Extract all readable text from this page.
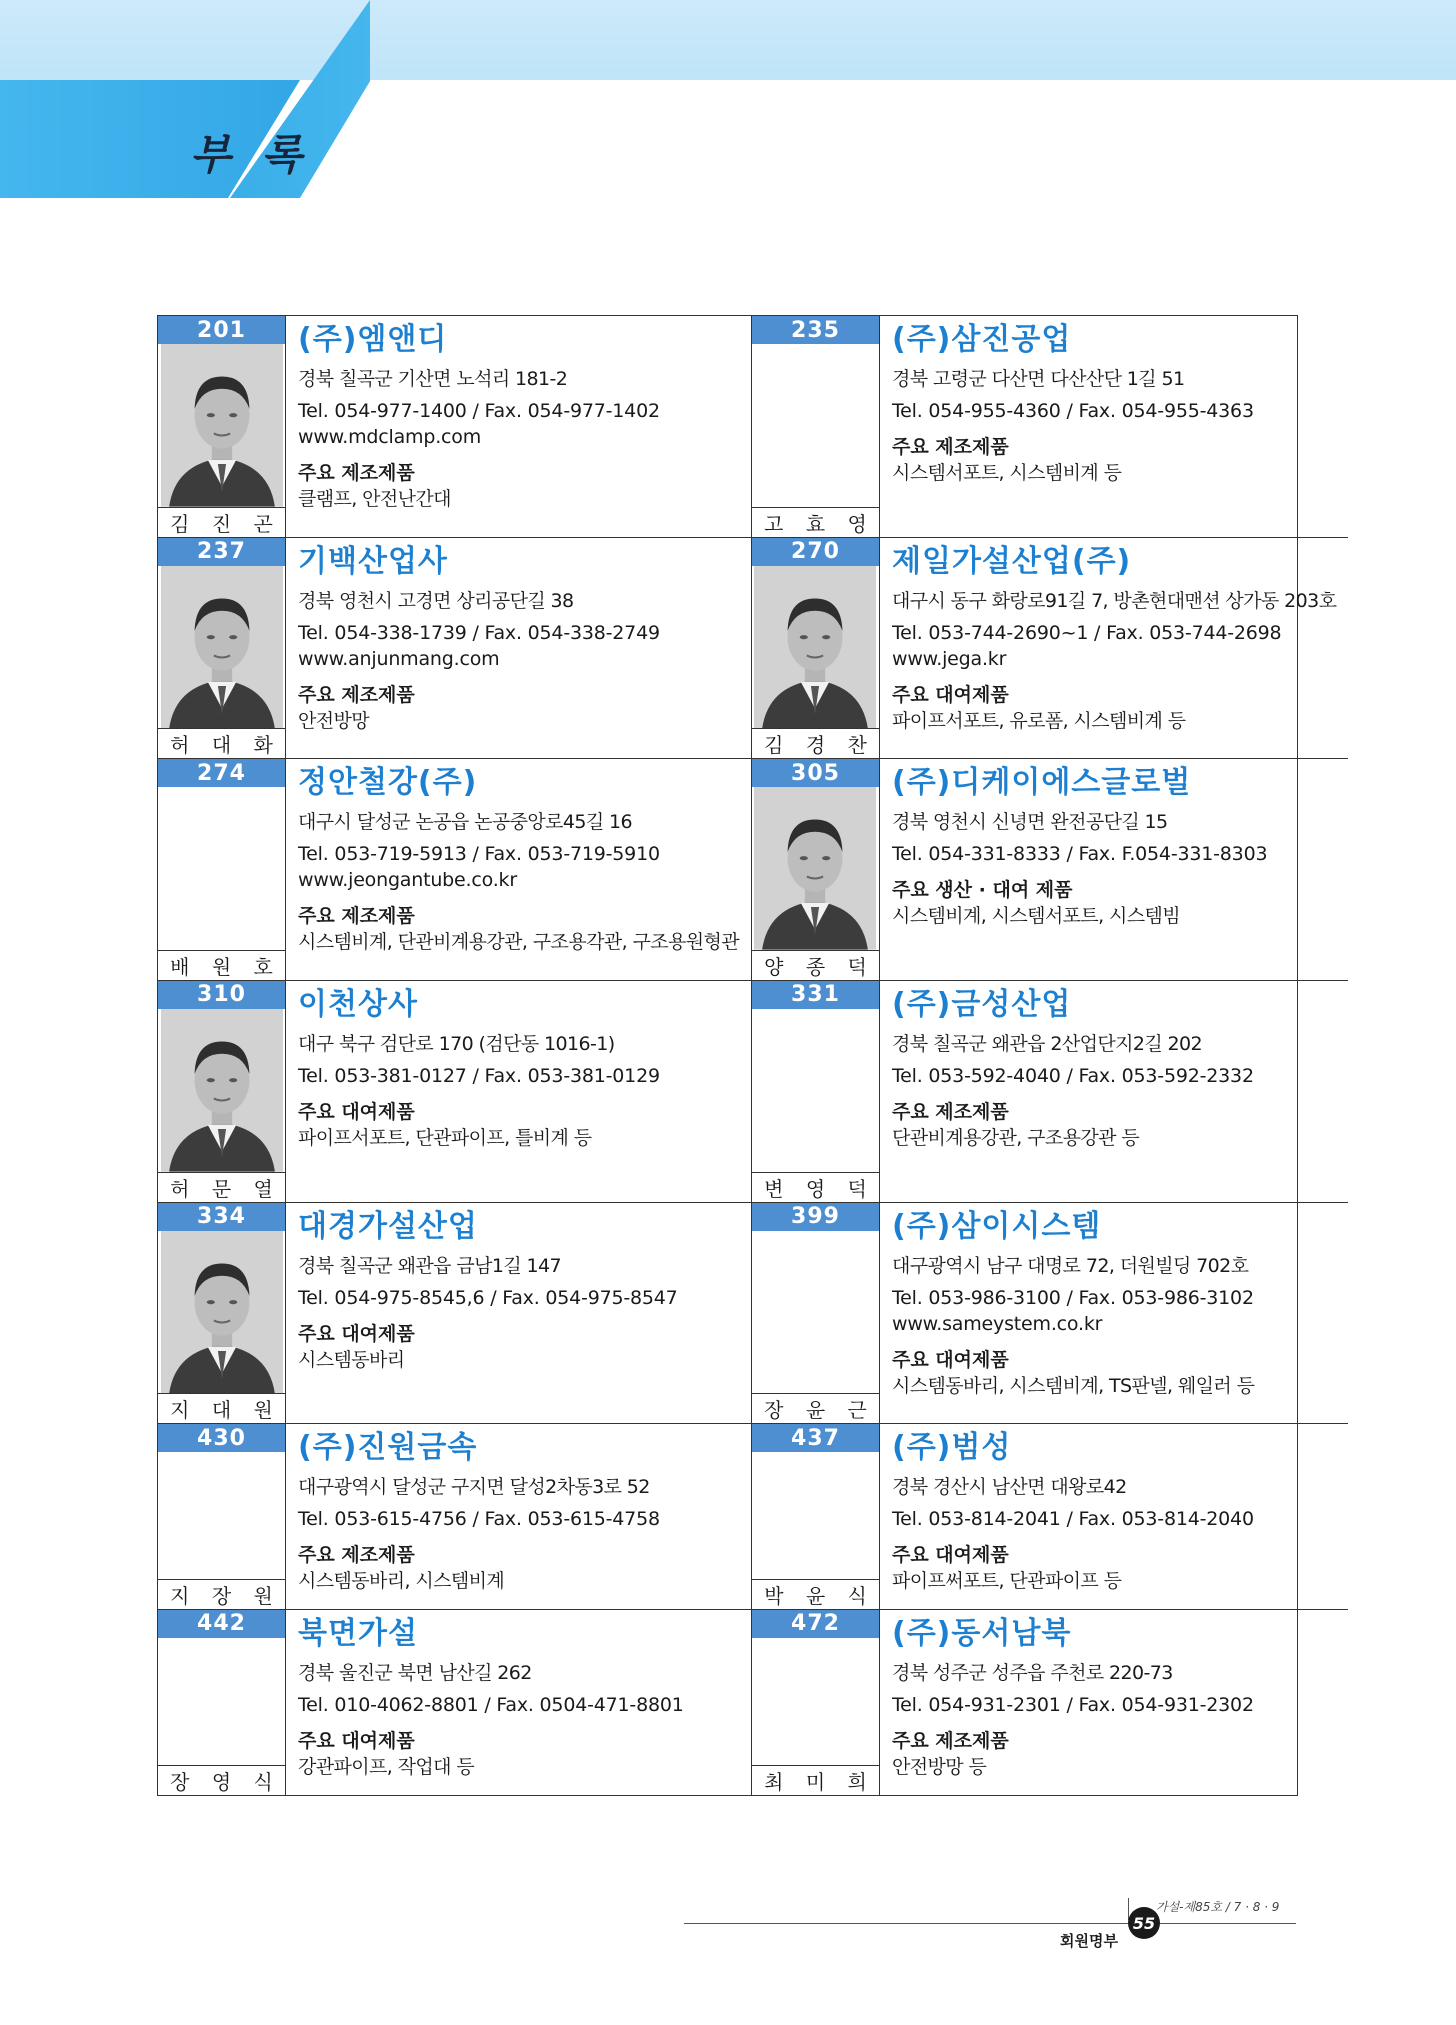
부 록
201
김 진 곤
(주)엠앤디
경북 칠곡군 기산면 노석리 181-2
Tel. 054-977-1400 / Fax. 054-977-1402
www.mdclamp.com
주요 제조제품
클램프, 안전난간대
235
고 효 영
(주)삼진공업
경북 고령군 다산면 다산산단 1길 51
Tel. 054-955-4360 / Fax. 054-955-4363
주요 제조제품
시스템서포트, 시스템비계 등
237
허 대 화
기백산업사
경북 영천시 고경면 상리공단길 38
Tel. 054-338-1739 / Fax. 054-338-2749
www.anjunmang.com
주요 제조제품
안전방망
270
김 경 찬
제일가설산업(주)
대구시 동구 화랑로91길 7, 방촌현대맨션 상가동 203호
Tel. 053-744-2690~1 / Fax. 053-744-2698
www.jega.kr
주요 대여제품
파이프서포트, 유로폼, 시스템비계 등
274
배 원 호
정안철강(주)
대구시 달성군 논공읍 논공중앙로45길 16
Tel. 053-719-5913 / Fax. 053-719-5910
www.jeongantube.co.kr
주요 제조제품
시스템비계, 단관비계용강관, 구조용각관, 구조용원형관
305
양 종 덕
(주)디케이에스글로벌
경북 영천시 신녕면 완전공단길 15
Tel. 054-331-8333 / Fax. F.054-331-8303
주요 생산 · 대여 제품
시스템비계, 시스템서포트, 시스템빔
310
허 문 열
이천상사
대구 북구 검단로 170 (검단동 1016-1)
Tel. 053-381-0127 / Fax. 053-381-0129
주요 대여제품
파이프서포트, 단관파이프, 틀비계 등
331
변 영 덕
(주)금성산업
경북 칠곡군 왜관읍 2산업단지2길 202
Tel. 053-592-4040 / Fax. 053-592-2332
주요 제조제품
단관비계용강관, 구조용강관 등
334
지 대 원
대경가설산업
경북 칠곡군 왜관읍 금남1길 147
Tel. 054-975-8545,6 / Fax. 054-975-8547
주요 대여제품
시스템동바리
399
장 윤 근
(주)삼이시스템
대구광역시 남구 대명로 72, 더원빌딩 702호
Tel. 053-986-3100 / Fax. 053-986-3102
www.sameystem.co.kr
주요 대여제품
시스템동바리, 시스템비계, TS판넬, 웨일러 등
430
지 장 원
(주)진원금속
대구광역시 달성군 구지면 달성2차동3로 52
Tel. 053-615-4756 / Fax. 053-615-4758
주요 제조제품
시스템동바리, 시스템비계
437
박 윤 식
(주)범성
경북 경산시 남산면 대왕로42
Tel. 053-814-2041 / Fax. 053-814-2040
주요 대여제품
파이프써포트, 단관파이프 등
442
장 영 식
북면가설
경북 울진군 북면 남산길 262
Tel. 010-4062-8801 / Fax. 0504-471-8801
주요 대여제품
강관파이프, 작업대 등
472
최 미 희
(주)동서남북
경북 성주군 성주읍 주천로 220-73
Tel. 054-931-2301 / Fax. 054-931-2302
주요 제조제품
안전방망 등
55
가설-제85호 / 7 · 8 · 9
회원명부
